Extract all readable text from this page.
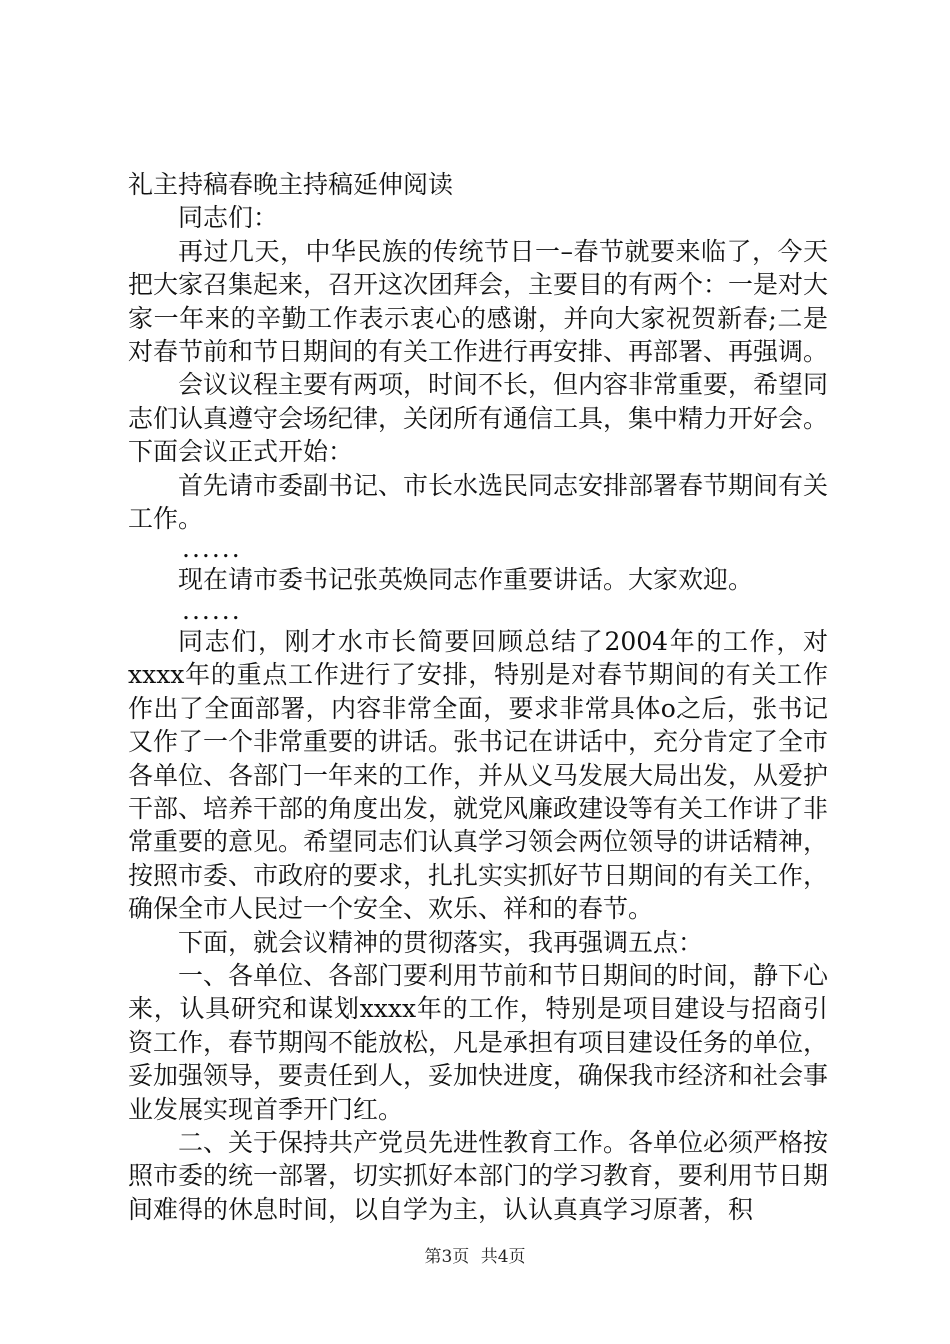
礼主持稿春晚主持稿延伸阅读

同志们：

再过几天，中华民族的传统节日一–春节就要来临了，今天把大家召集起来，召开这次团拜会，主要目的有两个：一是对大家一年来的辛勤工作表示衷心的感谢，并向大家祝贺新春;二是对春节前和节日期间的有关工作进行再安排、再部署、再强调。

会议议程主要有两项，时间不长，但内容非常重要，希望同志们认真遵守会场纪律，关闭所有通信工具，集中精力开好会。下面会议正式开始：

首先请市委副书记、市长水选民同志安排部署春节期间有关工作。

......

现在请市委书记张英焕同志作重要讲话。大家欢迎。

......

同志们，刚才水市长简要回顾总结了2004年的工作，对xxxx年的重点工作进行了安排，特别是对春节期间的有关工作作出了全面部署，内容非常全面，要求非常具体o之后，张书记又作了一个非常重要的讲话。张书记在讲话中，充分肯定了全市各单位、各部门一年来的工作，并从义马发展大局出发，从爱护干部、培养干部的角度出发，就党风廉政建设等有关工作讲了非常重要的意见。希望同志们认真学习领会两位领导的讲话精神，按照市委、市政府的要求，扎扎实实抓好节日期间的有关工作，确保全市人民过一个安全、欢乐、祥和的春节。

下面，就会议精神的贯彻落实，我再强调五点：

一、各单位、各部门要利用节前和节日期间的时间，静下心来，认具研究和谋划xxxx年的工作，特别是项目建设与招商引资工作，春节期闯不能放松，凡是承担有项目建设任务的单位，妥加强领导，要责任到人，妥加快进度，确保我市经济和社会事业发展实现首季开门红。

二、关于保持共产党员先进性教育工作。各单位必须严格按照市委的统一部署，切实抓好本部门的学习教育，要利用节日期间难得的休息时间，以自学为主，认认真真学习原著，积

第3页 共4页
